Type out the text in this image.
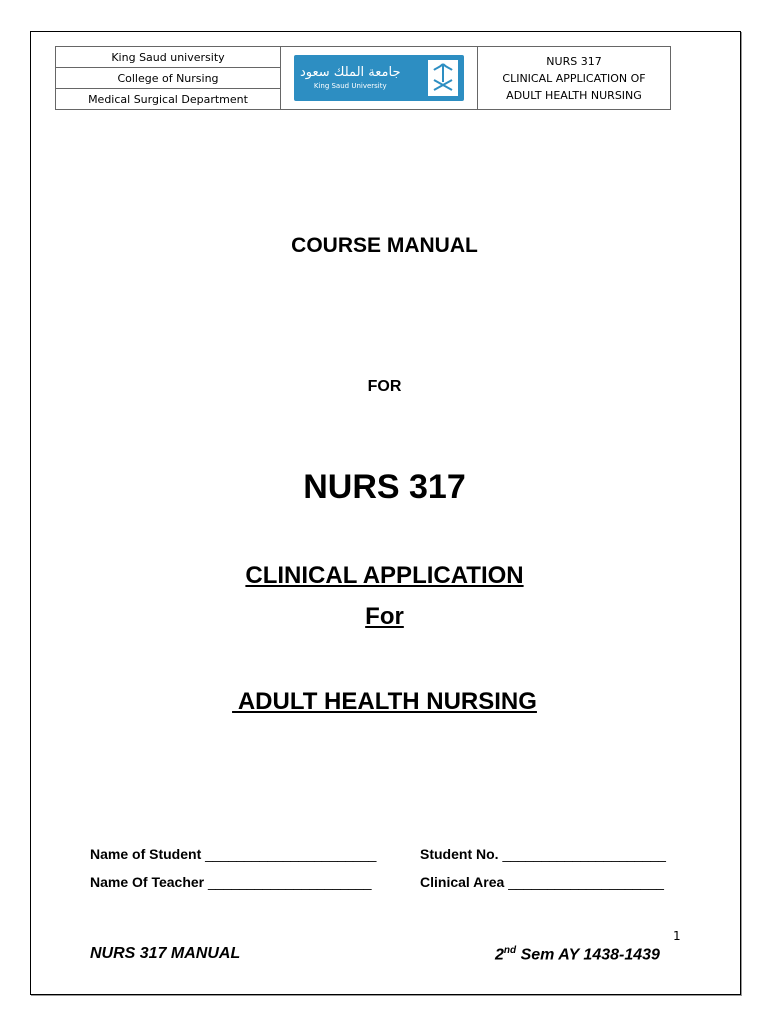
King Saud university
College of Nursing
Medical Surgical Department
جامعة الملك سعود
King Saud University
NURS 317
CLINICAL APPLICATION OF
ADULT HEALTH NURSING
COURSE MANUAL
FOR
NURS 317
CLINICAL APPLICATION
For
ADULT HEALTH NURSING
Name of Student ______________________
Name Of Teacher _____________________
Student No. _____________________
Clinical Area ____________________
1
NURS 317 MANUAL	2nd Sem AY 1438-1439
